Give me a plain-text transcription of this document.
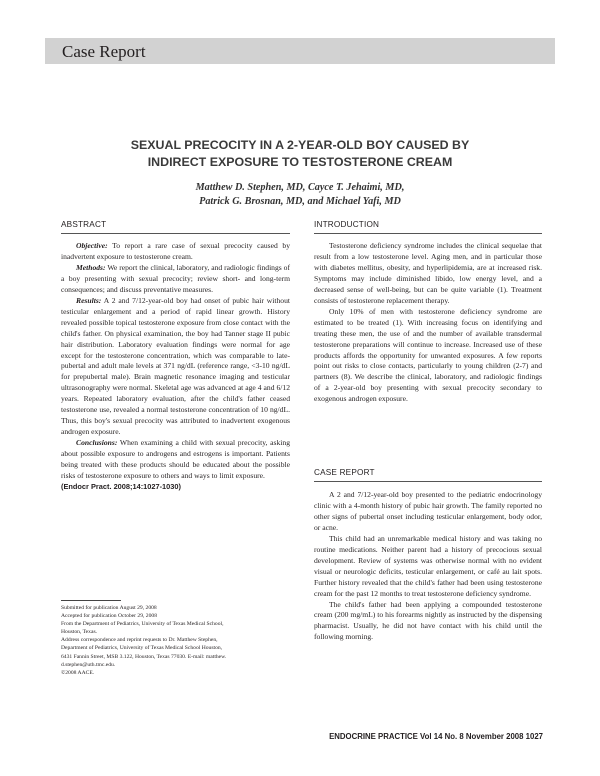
Case Report
SEXUAL PRECOCITY IN A 2-YEAR-OLD BOY CAUSED BY
INDIRECT EXPOSURE TO TESTOSTERONE CREAM
Matthew D. Stephen, MD, Cayce T. Jehaimi, MD,
Patrick G. Brosnan, MD, and Michael Yafi, MD
ABSTRACT

Objective: To report a rare case of sexual precocity caused by inadvertent exposure to testosterone cream.

Methods: We report the clinical, laboratory, and radiologic findings of a boy presenting with sexual precocity; review short- and long-term consequences; and discuss preventative measures.

Results: A 2 and 7/12-year-old boy had onset of pubic hair without testicular enlargement and a period of rapid linear growth. History revealed possible topical testosterone exposure from close contact with the child's father. On physical examination, the boy had Tanner stage II pubic hair distribution. Laboratory evaluation findings were normal for age except for the testosterone concentration, which was comparable to late-pubertal and adult male levels at 371 ng/dL (reference range, <3-10 ng/dL for prepubertal male). Brain magnetic resonance imaging and testicular ultrasonography were normal. Skeletal age was advanced at age 4 and 6/12 years. Repeated laboratory evaluation, after the child's father ceased testosterone use, revealed a normal testosterone concentration of 10 ng/dL. Thus, this boy's sexual precocity was attributed to inadvertent exogenous androgen exposure.

Conclusions: When examining a child with sexual precocity, asking about possible exposure to androgens and estrogens is important. Patients being treated with these products should be educated about the possible risks of testosterone exposure to others and ways to limit exposure.

(Endocr Pract. 2008;14:1027-1030)
Submitted for publication August 29, 2008
Accepted for publication October 29, 2008
From the Department of Pediatrics, University of Texas Medical School,
Houston, Texas.
Address correspondence and reprint requests to Dr. Matthew Stephen,
Department of Pediatrics, University of Texas Medical School Houston,
6431 Fannin Street, MSB 3.122, Houston, Texas 77030. E-mail: matthew.
d.stephen@uth.tmc.edu.
©2008 AACE.
INTRODUCTION

Testosterone deficiency syndrome includes the clinical sequelae that result from a low testosterone level. Aging men, and in particular those with diabetes mellitus, obesity, and hyperlipidemia, are at increased risk. Symptoms may include diminished libido, low energy level, and a decreased sense of well-being, but can be quite variable (1). Treatment consists of testosterone replacement therapy.

Only 10% of men with testosterone deficiency syndrome are estimated to be treated (1). With increasing focus on identifying and treating these men, the use of and the number of available transdermal testosterone preparations will continue to increase. Increased use of these products affords the opportunity for unwanted exposures. A few reports point out risks to close contacts, particularly to young children (2-7) and partners (8). We describe the clinical, laboratory, and radiologic findings of a 2-year-old boy presenting with sexual precocity secondary to exogenous androgen exposure.

CASE REPORT

A 2 and 7/12-year-old boy presented to the pediatric endocrinology clinic with a 4-month history of pubic hair growth. The family reported no other signs of pubertal onset including testicular enlargement, body odor, or acne.

This child had an unremarkable medical history and was taking no routine medications. Neither parent had a history of precocious sexual development. Review of systems was otherwise normal with no evident visual or neurologic deficits, testicular enlargement, or café au lait spots. Further history revealed that the child's father had been using testosterone cream for the past 12 months to treat testosterone deficiency syndrome.

The child's father had been applying a compounded testosterone cream (200 mg/mL) to his forearms nightly as instructed by the dispensing pharmacist. Usually, he did not have contact with his child until the following morning.

ENDOCRINE PRACTICE Vol 14 No. 8 November 2008 1027
